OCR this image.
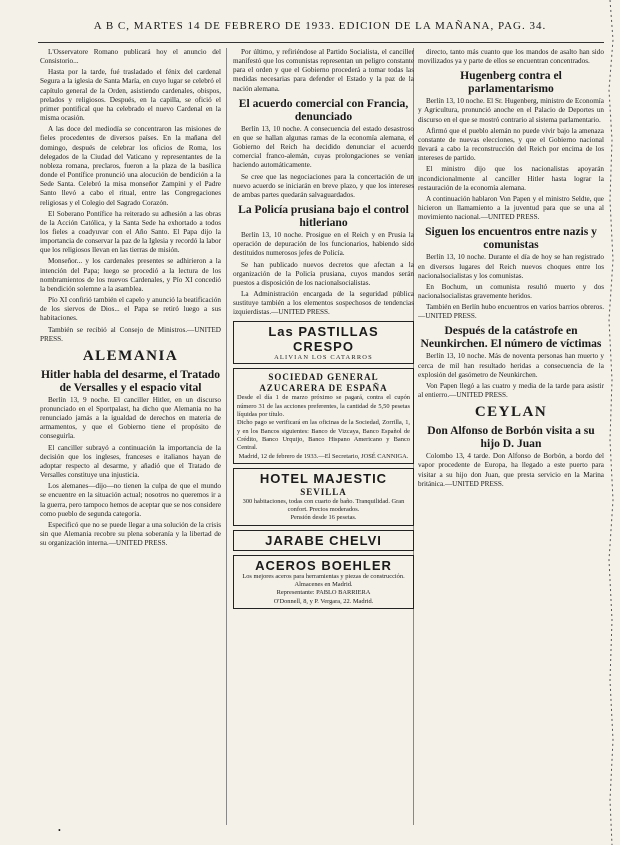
A B C, MARTES 14 DE FEBRERO DE 1933. EDICION DE LA MAÑANA, PAG. 34.

L'Osservatore Romano publicará hoy el anuncio del Consistorio...

Hasta por la tarde, fué trasladado el fénix del cardenal Segura a la iglesia de Santa María, en cuyo lugar se celebró el capítulo general de la Orden, asistiendo cardenales, obispos, prelados y religiosos. Después, en la capilla, se ofició el primer pontifical que ha celebrado el nuevo Cardenal en la misma ocasión.

A las doce del mediodía se concentraron las misiones de fieles procedentes de diversos países. En la mañana del domingo, después de celebrar los oficios de Roma, los delegados de la Ciudad del Vaticano y representantes de la nobleza romana, preclaros, fueron a la plaza de la basílica donde el Pontífice pronunció una alocución de bendición a la Sede Santa. Celebró la misa monseñor Zampini y el Padre Santo llevó a cabo el ritual, entre las Congregaciones religiosas y el Colegio del Sagrado Corazón.

El Soberano Pontífice ha reiterado su adhesión a las obras de la Acción Católica, y la Santa Sede ha exhortado a todos los fieles a coadyuvar con el Año Santo. El Papa dijo la importancia de conservar la paz de la Iglesia y recordó la labor que los religiosos llevan en las tierras de misión.

Monseñor... y los cardenales presentes se adhirieron a la intención del Papa; luego se procedió a la lectura de los nombramientos de los nuevos Cardenales, y Pío XI concedió la bendición solemne a la asamblea.

Pío XI confirió también el capelo y anunció la beatificación de los siervos de Dios... el Papa se retiró luego a sus habitaciones.

También se recibió al Consejo de Ministros.—UNITED PRESS.

ALEMANIA
Hitler habla del desarme, el Tratado de Versalles y el espacio vital

Berlín 13, 9 noche. El canciller Hitler, en un discurso pronunciado en el Sportpalast, ha dicho que Alemania no ha renunciado jamás a la igualdad de derechos en materia de armamentos, y que el Gobierno tiene el propósito de conseguirla.

El canciller subrayó a continuación la importancia de la decisión que los ingleses, franceses e italianos hayan de adoptar respecto al desarme, y añadió que el Tratado de Versalles constituye una injusticia.

Los alemanes—dijo—no tienen la culpa de que el mundo se encuentre en la situación actual; nosotros no queremos ir a la guerra, pero tampoco hemos de aceptar que se nos considere como pueblo de segunda categoría.

Especificó que no se puede llegar a una solución de la crisis sin que Alemania recobre su plena soberanía y la libertad de su organización interna.—UNITED PRESS.

Por último, y refiriéndose al Partido Socialista, el canciller manifestó que los comunistas representan un peligro constante para el orden y que el Gobierno procederá a tomar todas las medidas necesarias para defender el Estado y la paz de la nación alemana.

El acuerdo comercial con Francia, denunciado

Berlín 13, 10 noche. A consecuencia del estado desastroso en que se hallan algunas ramas de la economía alemana, el Gobierno del Reich ha decidido denunciar el acuerdo comercial franco-alemán, cuyas prolongaciones se venían haciendo automáticamente.

Se cree que las negociaciones para la concertación de un nuevo acuerdo se iniciarán en breve plazo, y que los intereses de ambas partes quedarán salvaguardados.

La Policía prusiana bajo el control hitleriano

Berlín 13, 10 noche. Prosigue en el Reich y en Prusia la operación de depuración de los funcionarios, habiendo sido destituidos numerosos jefes de Policía.

Se han publicado nuevos decretos que afectan a la organización de la Policía prusiana, cuyos mandos serán puestos a disposición de los nacionalsocialistas.

La Administración encargada de la seguridad pública sustituye también a los elementos sospechosos de tendencias izquierdistas.—UNITED PRESS.

Las PASTILLAS CRESPO

ALIVIAN LOS CATARROS

SOCIEDAD GENERAL

AZUCARERA DE ESPAÑA

Desde el día 1 de marzo próximo se pagará, contra el cupón número 31 de las acciones preferentes, la cantidad de 5,50 pesetas líquidas por título.

Dicho pago se verificará en las oficinas de la Sociedad, Zorrilla, 1, y en los Bancos siguientes: Banco de Vizcaya, Banco Español de Crédito, Banco Urquijo, Banco Hispano Americano y Banco Central.

Madrid, 12 de febrero de 1933.—El Secretario, JOSÉ CANNIGA.

HOTEL MAJESTIC

SEVILLA

300 habitaciones, todas con cuarto de baño. Tranquilidad. Gran confort. Precios moderados.

Pensión desde 16 pesetas.

JARABE CHELVI

ACEROS BOEHLER

Los mejores aceros para herramientas y piezas de construcción. Almacenes en Madrid.

Representante: PABLO BARRIERA

O'Donnell, 8, y P. Vergara, 22. Madrid.

directo, tanto más cuanto que los mandos de asalto han sido movilizados ya y parte de ellos se encuentran concentrados.

Hugenberg contra el parlamentarismo

Berlín 13, 10 noche. El Sr. Hugenberg, ministro de Economía y Agricultura, pronunció anoche en el Palacio de Deportes un discurso en el que se mostró contrario al sistema parlamentario.

Afirmó que el pueblo alemán no puede vivir bajo la amenaza constante de nuevas elecciones, y que el Gobierno nacional llevará a cabo la reconstrucción del Reich por encima de los intereses de partido.

El ministro dijo que los nacionalistas apoyarán incondicionalmente al canciller Hitler hasta lograr la restauración de la economía alemana.

A continuación hablaron Von Papen y el ministro Seldte, que hicieron un llamamiento a la juventud para que se una al movimiento nacional.—UNITED PRESS.

Siguen los encuentros entre nazis y comunistas

Berlín 13, 10 noche. Durante el día de hoy se han registrado en diversos lugares del Reich nuevos choques entre los nacionalsocialistas y los comunistas.

En Bochum, un comunista resultó muerto y dos nacionalsocialistas gravemente heridos.

También en Berlín hubo encuentros en varios barrios obreros.—UNITED PRESS.

Después de la catástrofe en Neunkirchen. El número de víctimas

Berlín 13, 10 noche. Más de noventa personas han muerto y cerca de mil han resultado heridas a consecuencia de la explosión del gasómetro de Neunkirchen.

Von Papen llegó a las cuatro y media de la tarde para asistir al entierro.—UNITED PRESS.

CEYLAN
Don Alfonso de Borbón visita a su hijo D. Juan

Colombo 13, 4 tarde. Don Alfonso de Borbón, a bordo del vapor procedente de Europa, ha llegado a este puerto para visitar a su hijo don Juan, que presta servicio en la Marina británica.—UNITED PRESS.

•
